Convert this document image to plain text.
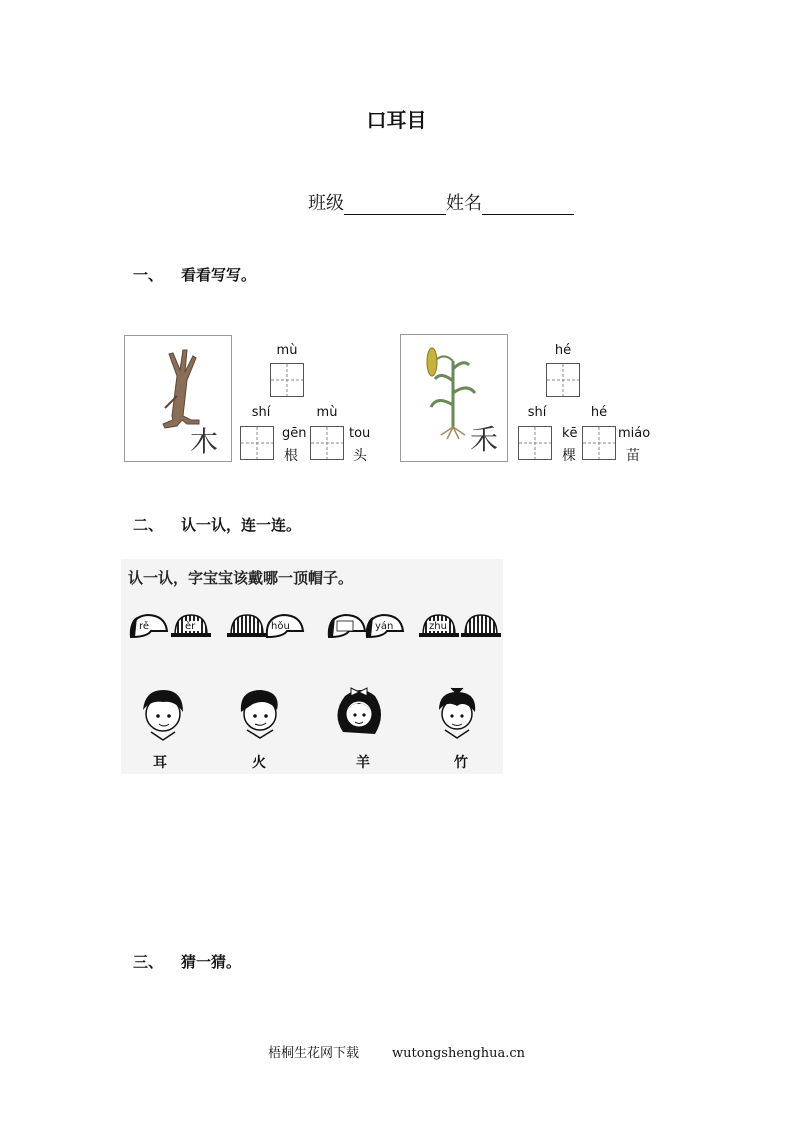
口耳目
班级	姓名
一、 看看写写。
木
mù
shí	mù
gēn
根
tou
头	禾
hé
shí	hé
kē
棵
miáo
苗
二、 认一认，连一连。
认一认，字宝宝该戴哪一顶帽子。
rě	ěr	hǒu	yán	zhu
耳	火	羊	竹
三、 猜一猜。
梧桐生花网下载        wutongshenghua.cn
